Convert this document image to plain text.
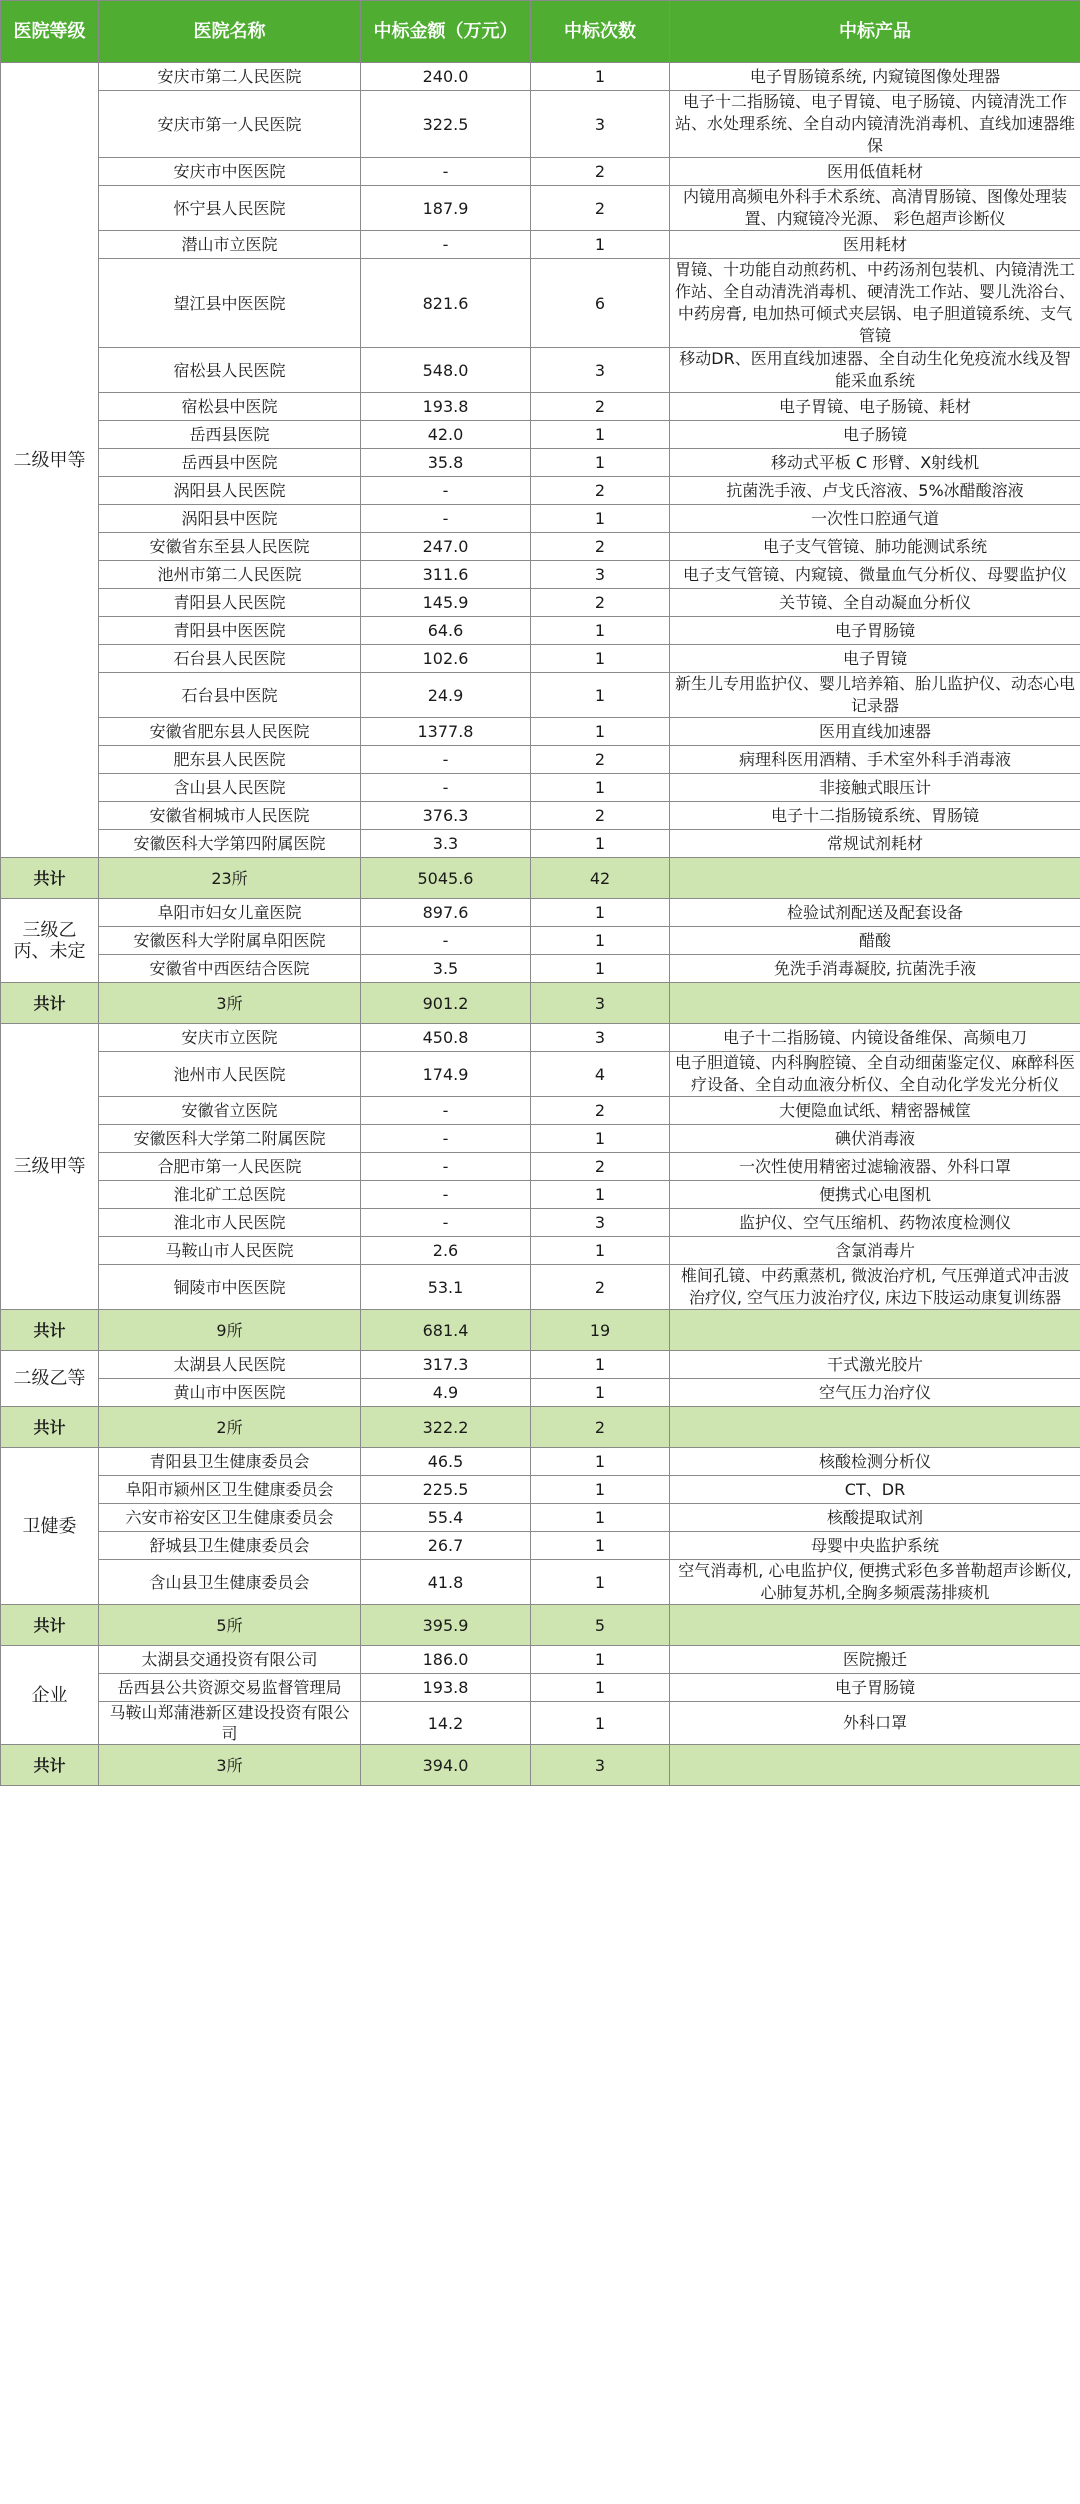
医院等级	医院名称	中标金额（万元）	中标次数	中标产品
二级甲等	安庆市第二人民医院	240.0	1	电子胃肠镜系统, 内窥镜图像处理器
	安庆市第一人民医院	322.5	3	电子十二指肠镜、电子胃镜、电子肠镜、内镜清洗工作站、水处理系统、全自动内镜清洗消毒机、直线加速器维保
	安庆市中医医院	-	2	医用低值耗材
	怀宁县人民医院	187.9	2	内镜用高频电外科手术系统、高清胃肠镜、图像处理装置、内窥镜冷光源、 彩色超声诊断仪
	潜山市立医院	-	1	医用耗材
	望江县中医医院	821.6	6	胃镜、十功能自动煎药机、中药汤剂包装机、内镜清洗工作站、全自动清洗消毒机、硬清洗工作站、婴儿洗浴台、中药房膏, 电加热可倾式夹层锅、电子胆道镜系统、支气管镜
	宿松县人民医院	548.0	3	移动DR、医用直线加速器、全自动生化免疫流水线及智能采血系统
	宿松县中医院	193.8	2	电子胃镜、电子肠镜、耗材
	岳西县医院	42.0	1	电子肠镜
	岳西县中医院	35.8	1	移动式平板 C 形臂、X射线机
	涡阳县人民医院	-	2	抗菌洗手液、卢戈氏溶液、5%冰醋酸溶液
	涡阳县中医院	-	1	一次性口腔通气道
	安徽省东至县人民医院	247.0	2	电子支气管镜、肺功能测试系统
	池州市第二人民医院	311.6	3	电子支气管镜、内窥镜、微量血气分析仪、母婴监护仪
	青阳县人民医院	145.9	2	关节镜、全自动凝血分析仪
	青阳县中医医院	64.6	1	电子胃肠镜
	石台县人民医院	102.6	1	电子胃镜
	石台县中医院	24.9	1	新生儿专用监护仪、婴儿培养箱、胎儿监护仪、动态心电记录器
	安徽省肥东县人民医院	1377.8	1	医用直线加速器
	肥东县人民医院	-	2	病理科医用酒精、手术室外科手消毒液
	含山县人民医院	-	1	非接触式眼压计
	安徽省桐城市人民医院	376.3	2	电子十二指肠镜系统、胃肠镜
	安徽医科大学第四附属医院	3.3	1	常规试剂耗材
共计	23所	5045.6	42	
三级乙丙、未定	阜阳市妇女儿童医院	897.6	1	检验试剂配送及配套设备
	安徽医科大学附属阜阳医院	-	1	醋酸
	安徽省中西医结合医院	3.5	1	免洗手消毒凝胶, 抗菌洗手液
共计	3所	901.2	3	
三级甲等	安庆市立医院	450.8	3	电子十二指肠镜、内镜设备维保、高频电刀
	池州市人民医院	174.9	4	电子胆道镜、内科胸腔镜、全自动细菌鉴定仪、麻醉科医疗设备、全自动血液分析仪、全自动化学发光分析仪
	安徽省立医院	-	2	大便隐血试纸、精密器械筐
	安徽医科大学第二附属医院	-	1	碘伏消毒液
	合肥市第一人民医院	-	2	一次性使用精密过滤输液器、外科口罩
	淮北矿工总医院	-	1	便携式心电图机
	淮北市人民医院	-	3	监护仪、空气压缩机、药物浓度检测仪
	马鞍山市人民医院	2.6	1	含氯消毒片
	铜陵市中医医院	53.1	2	椎间孔镜、中药熏蒸机, 微波治疗机, 气压弹道式冲击波治疗仪, 空气压力波治疗仪, 床边下肢运动康复训练器
共计	9所	681.4	19	
二级乙等	太湖县人民医院	317.3	1	干式激光胶片
	黄山市中医医院	4.9	1	空气压力治疗仪
共计	2所	322.2	2	
卫健委	青阳县卫生健康委员会	46.5	1	核酸检测分析仪
	阜阳市颍州区卫生健康委员会	225.5	1	CT、DR
	六安市裕安区卫生健康委员会	55.4	1	核酸提取试剂
	舒城县卫生健康委员会	26.7	1	母婴中央监护系统
	含山县卫生健康委员会	41.8	1	空气消毒机, 心电监护仪, 便携式彩色多普勒超声诊断仪, 心肺复苏机,全胸多频震荡排痰机
共计	5所	395.9	5	
企业	太湖县交通投资有限公司	186.0	1	医院搬迁
	岳西县公共资源交易监督管理局	193.8	1	电子胃肠镜
	马鞍山郑蒲港新区建设投资有限公司	14.2	1	外科口罩
共计	3所	394.0	3	
